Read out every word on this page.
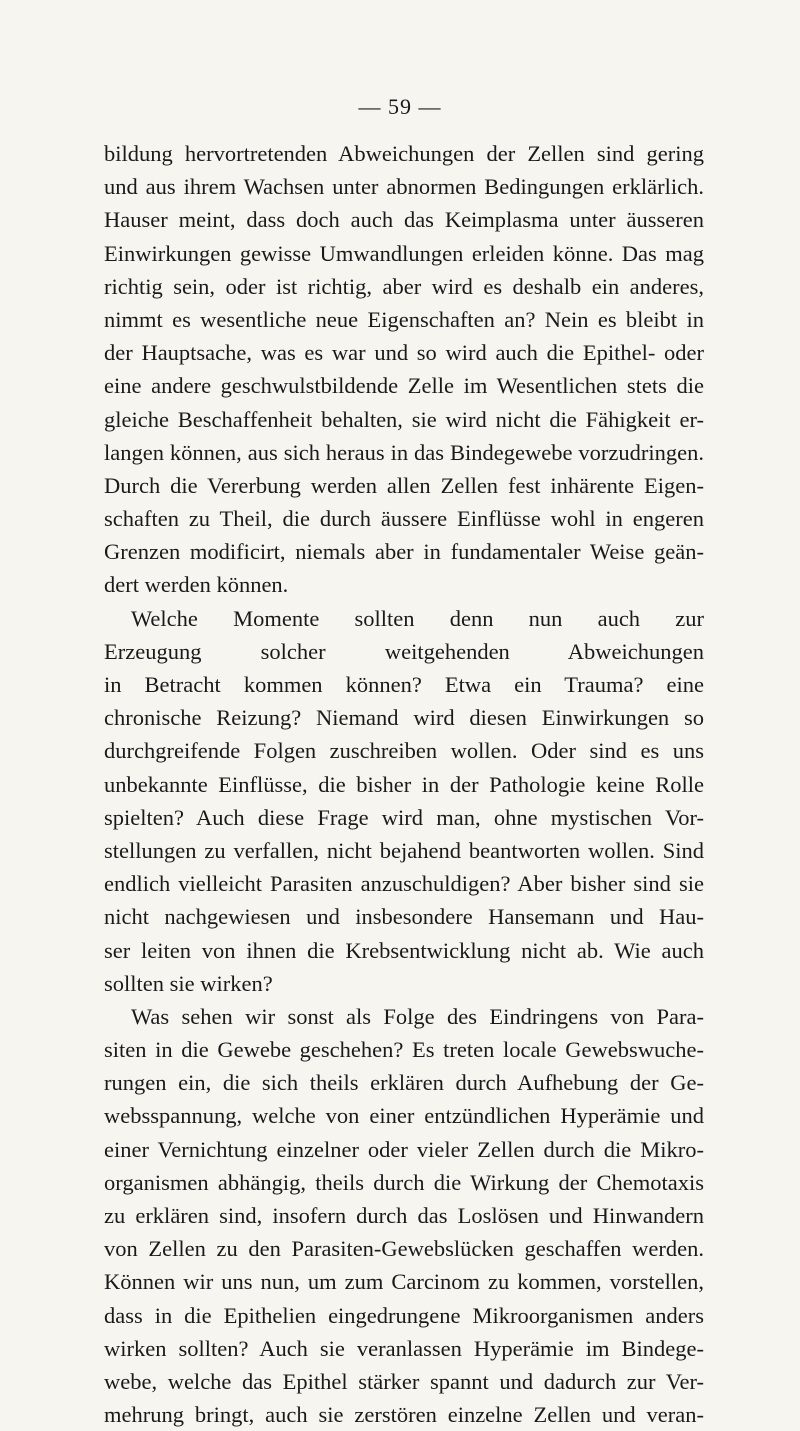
— 59 —
bildung hervortretenden Abweichungen der Zellen sind gering
und aus ihrem Wachsen unter abnormen Bedingungen erklärlich.
Hauser meint, dass doch auch das Keimplasma unter äusseren
Einwirkungen gewisse Umwandlungen erleiden könne. Das mag
richtig sein, oder ist richtig, aber wird es deshalb ein anderes,
nimmt es wesentliche neue Eigenschaften an? Nein es bleibt in
der Hauptsache, was es war und so wird auch die Epithel- oder
eine andere geschwulstbildende Zelle im Wesentlichen stets die
gleiche Beschaffenheit behalten, sie wird nicht die Fähigkeit er-
langen können, aus sich heraus in das Bindegewebe vorzudringen.
Durch die Vererbung werden allen Zellen fest inhärente Eigen-
schaften zu Theil, die durch äussere Einflüsse wohl in engeren
Grenzen modificirt, niemals aber in fundamentaler Weise geän-
dert werden können.
Welche Momente sollten denn nun auch zur
Erzeugung solcher weitgehenden Abweichungen
in Betracht kommen können? Etwa ein Trauma? eine
chronische Reizung? Niemand wird diesen Einwirkungen so
durchgreifende Folgen zuschreiben wollen. Oder sind es uns
unbekannte Einflüsse, die bisher in der Pathologie keine Rolle
spielten? Auch diese Frage wird man, ohne mystischen Vor-
stellungen zu verfallen, nicht bejahend beantworten wollen. Sind
endlich vielleicht Parasiten anzuschuldigen? Aber bisher sind sie
nicht nachgewiesen und insbesondere Hansemann und Hau-
ser leiten von ihnen die Krebsentwicklung nicht ab. Wie auch
sollten sie wirken?
Was sehen wir sonst als Folge des Eindringens von Para-
siten in die Gewebe geschehen? Es treten locale Gewebswuche-
rungen ein, die sich theils erklären durch Aufhebung der Ge-
websspannung, welche von einer entzündlichen Hyperämie und
einer Vernichtung einzelner oder vieler Zellen durch die Mikro-
organismen abhängig, theils durch die Wirkung der Chemotaxis
zu erklären sind, insofern durch das Loslösen und Hinwandern
von Zellen zu den Parasiten-Gewebslücken geschaffen werden.
Können wir uns nun, um zum Carcinom zu kommen, vorstellen,
dass in die Epithelien eingedrungene Mikroorganismen anders
wirken sollten? Auch sie veranlassen Hyperämie im Bindege-
webe, welche das Epithel stärker spannt und dadurch zur Ver-
mehrung bringt, auch sie zerstören einzelne Zellen und veran-
